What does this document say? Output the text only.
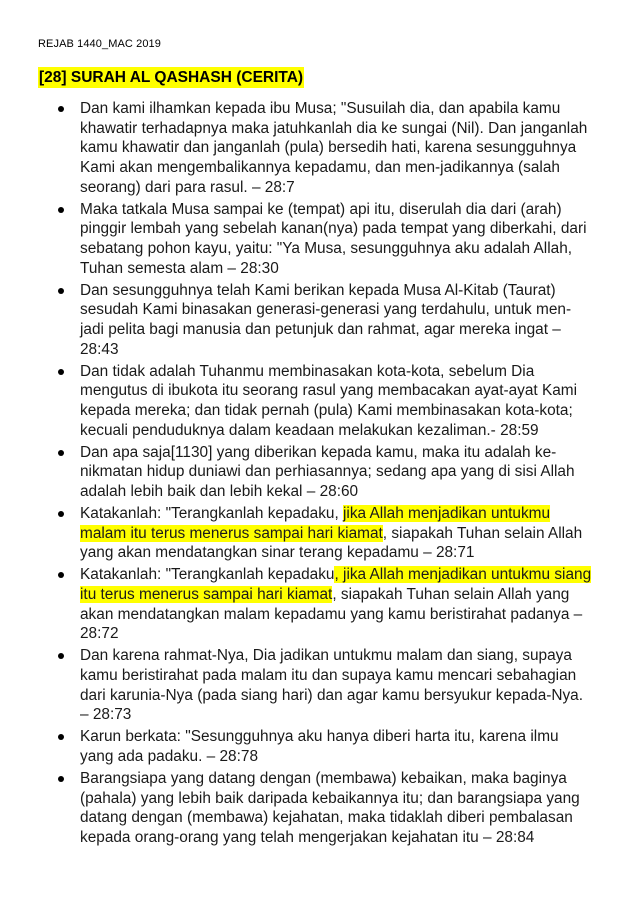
REJAB 1440_MAC 2019
[28] SURAH AL QASHASH (CERITA)
Dan kami ilhamkan kepada ibu Musa; "Susuilah dia, dan apabila kamu khawatir terhadapnya maka jatuhkanlah dia ke sungai (Nil). Dan janganlah kamu khawatir dan janganlah (pula) bersedih hati, karena sesungguhnya Kami akan mengembalikannya kepadamu, dan men-jadikannya (salah seorang) dari para rasul. – 28:7
Maka tatkala Musa sampai ke (tempat) api itu, diserulah dia dari (arah) pinggir lembah yang sebelah kanan(nya) pada tempat yang diberkahi, dari sebatang pohon kayu, yaitu: "Ya Musa, sesungguhnya aku adalah Allah, Tuhan semesta alam – 28:30
Dan sesungguhnya telah Kami berikan kepada Musa Al-Kitab (Taurat) sesudah Kami binasakan generasi-generasi yang terdahulu, untuk men-jadi pelita bagi manusia dan petunjuk dan rahmat, agar mereka ingat – 28:43
Dan tidak adalah Tuhanmu membinasakan kota-kota, sebelum Dia mengutus di ibukota itu seorang rasul yang membacakan ayat-ayat Kami kepada mereka; dan tidak pernah (pula) Kami membinasakan kota-kota; kecuali penduduknya dalam keadaan melakukan kezaliman.- 28:59
Dan apa saja[1130] yang diberikan kepada kamu, maka itu adalah ke-nikmatan hidup duniawi dan perhiasannya; sedang apa yang di sisi Allah adalah lebih baik dan lebih kekal – 28:60
Katakanlah: "Terangkanlah kepadaku, jika Allah menjadikan untukmu malam itu terus menerus sampai hari kiamat, siapakah Tuhan selain Allah yang akan mendatangkan sinar terang kepadamu – 28:71
Katakanlah: "Terangkanlah kepadaku, jika Allah menjadikan untukmu siang itu terus menerus sampai hari kiamat, siapakah Tuhan selain Allah yang akan mendatangkan malam kepadamu yang kamu beristirahat padanya – 28:72
Dan karena rahmat-Nya, Dia jadikan untukmu malam dan siang, supaya kamu beristirahat pada malam itu dan supaya kamu mencari sebahagian dari karunia-Nya (pada siang hari) dan agar kamu bersyukur kepada-Nya. – 28:73
Karun berkata: "Sesungguhnya aku hanya diberi harta itu, karena ilmu yang ada padaku. – 28:78
Barangsiapa yang datang dengan (membawa) kebaikan, maka baginya (pahala) yang lebih baik daripada kebaikannya itu; dan barangsiapa yang datang dengan (membawa) kejahatan, maka tidaklah diberi pembalasan kepada orang-orang yang telah mengerjakan kejahatan itu – 28:84
